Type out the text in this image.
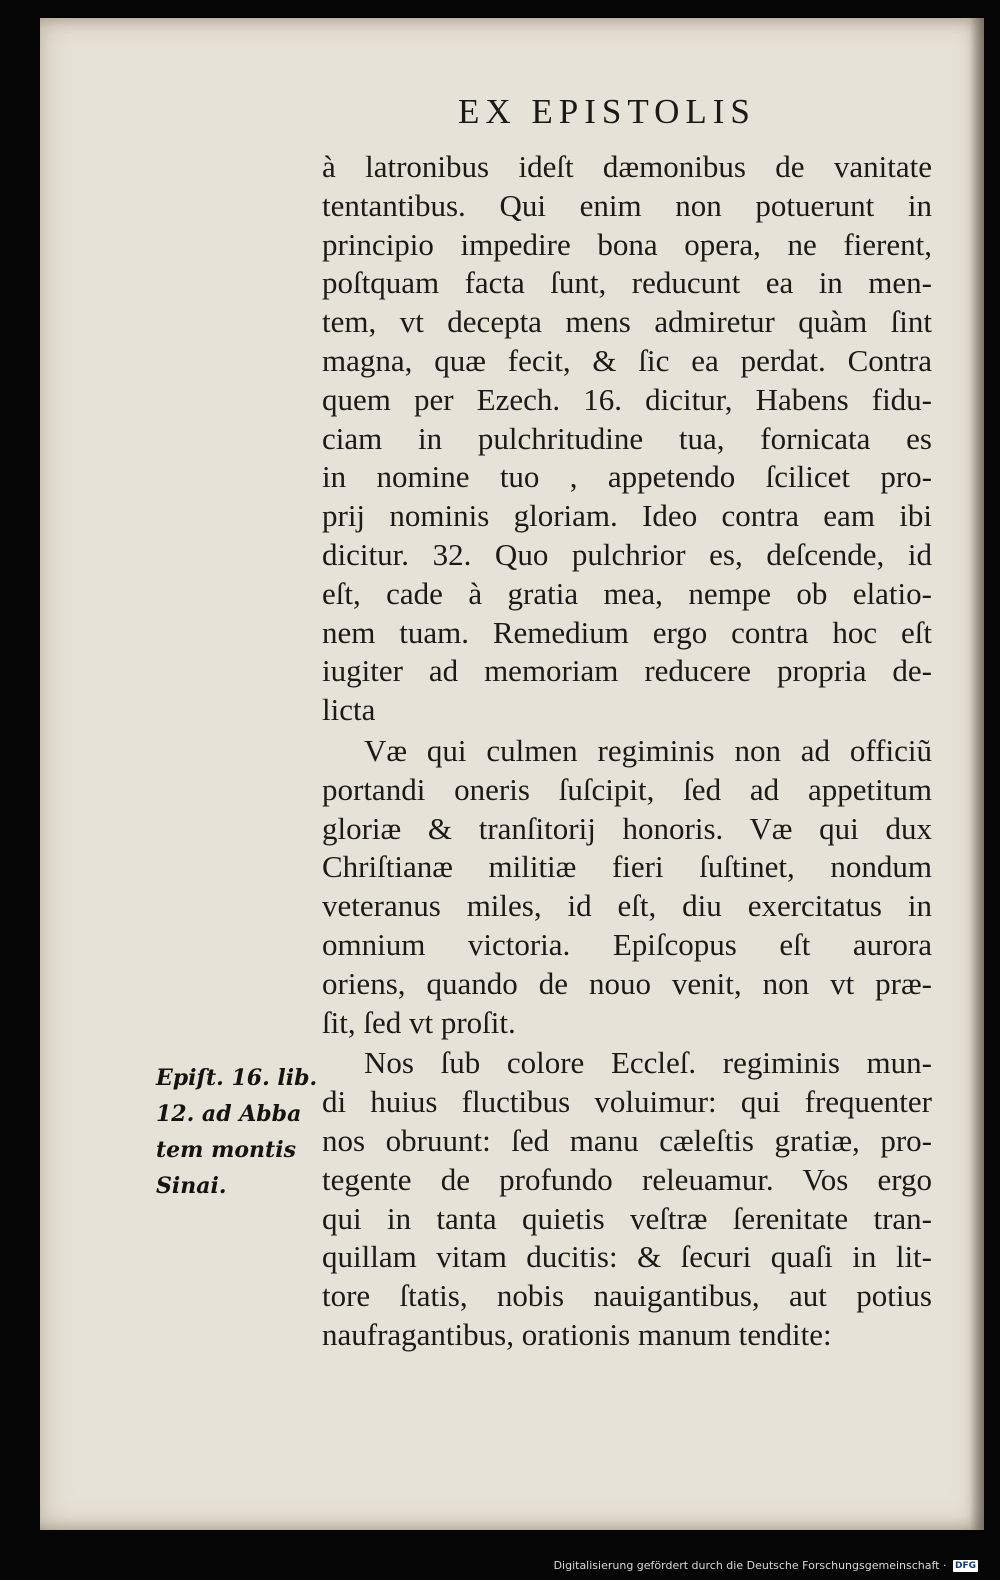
EX EPISTOLIS
à latronibus ideſt dæmonibus de vanitate
tentantibus. Qui enim non potuerunt in
principio impedire bona opera, ne fierent,
poſtquam facta ſunt, reducunt ea in men-
tem, vt decepta mens admiretur quàm ſint
magna, quæ fecit, & ſic ea perdat. Contra
quem per Ezech. 16. dicitur, Habens fidu-
ciam in pulchritudine tua, fornicata es
in nomine tuo , appetendo ſcilicet pro-
prij nominis gloriam. Ideo contra eam ibi
dicitur. 32. Quo pulchrior es, deſcende, id
eſt, cade à gratia mea, nempe ob elatio-
nem tuam. Remedium ergo contra hoc eſt
iugiter ad memoriam reducere propria de-
licta
Væ qui culmen regiminis non ad officiũ
portandi oneris ſuſcipit, ſed ad appetitum
gloriæ & tranſitorij honoris. Væ qui dux
Chriſtianæ militiæ fieri ſuſtinet, nondum
veteranus miles, id eſt, diu exercitatus in
omnium victoria. Epiſcopus eſt aurora
oriens, quando de nouo venit, non vt præ-
ſit, ſed vt proſit.
Nos ſub colore Eccleſ. regiminis mun-
di huius fluctibus voluimur: qui frequenter
nos obruunt: ſed manu cæleſtis gratiæ, pro-
tegente de profundo releuamur. Vos ergo
qui in tanta quietis veſtræ ſerenitate tran-
quillam vitam ducitis: & ſecuri quaſi in lit-
tore ſtatis, nobis nauigantibus, aut potius
naufragantibus, orationis manum tendite:
Epiſt. 16. lib.
12. ad Abba
tem montis
Sinai.
Digitalisierung gefördert durch die Deutsche Forschungsgemeinschaft · DFG
